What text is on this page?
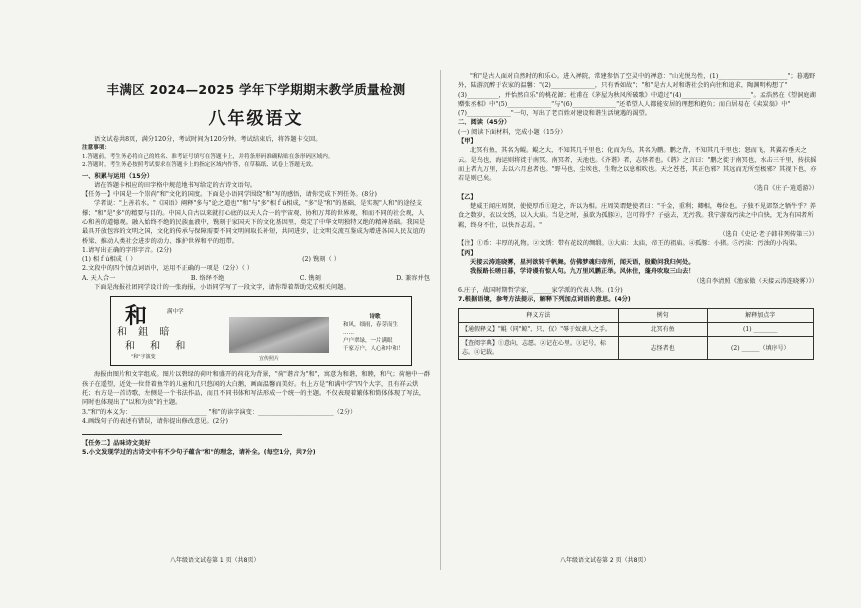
丰满区 2024—2025 学年下学期期末教学质量检测
八年级语文

语文试卷共8页，满分120分，考试时间为120分钟。考试结束后，将答题卡交回。

注意事项：

1.答题前，考生务必将自己的姓名、准考证号填写在答题卡上，并将条形码准确粘贴在条形码区域内。

2.答题时，考生务必按照考试要求在答题卡上的指定区域内作答，在草稿纸、试卷上答题无效。

一、积累与运用（15分）

请在答题卡相应的田字格中规范地书写给定的古诗文语句。

【任务一】中国是一个崇尚"和"文化的国度。下面是小语同学围绕"和"写的感悟，请你完成下列任务。(8分)

学者说："上善若水。"《国语》阐释"多与"论之道也""和"与"多"相ｆú相成，"多"是"和"的基础，是实现"人和"的途径支撑；"和"是"多"的精要与目的。中国人自古以来就打心底的以天人合一的宇宙观、协和万邦的世界观、和而不同的社会观，人心和善的道德观。融入始终不绝的民族血液中，镌刻于家国天下的文化基因里，奠定了中华文明独特又绝的精神基础。我国是最具开放包容的文明之国，文化的传承与保障需要不同文明间取长补短，共同进步，让文明交流互鉴成为增进各国人民友谊的桥梁、推动人类社会进步的动力、维护世界和平的纽带。

1.请写出正确的字形字音。(2分)

(1) 相ｆú相成（ ）	(2) 镌刻（ ）

2.文段中的四个加点词语中，运用不正确的一项是（2分）（ ）

A. 天人合一	B. 络绎不绝	C. 镌刻	D. 兼容并包

下面是海报社团同学设计的一张海报，小语同学写了一段文字，请你帮着帮助完成相关问题。

和	满中学
和 鉏 暗
和 和 和
"和"字演变	宣传照片
诗歌
和风，细雨，春芽而生 ……
户户翠绿，一片满眼
千家万户，人心和中和！

海报由图片和文字组成。图片以碧绿的荷叶和盛开的荷花为背景，"荷"谐音为"和"，寓意为和谐，和睦，和气；荷塘中一群孩子在遥望，近处一位背着鱼竿的儿童和几只悠闲的大白鹅，画面温馨而美好。右上方是"和满中学"四个大字，且有祥云烘托；右方是一首诗歌，左侧是一个书法作品，而且不同书体和写法形成一个统一的主题。不仅表现着繁体和简体体现了写法，同时也体现出了"以和为贵"的主题。

3."和"的本义为：________________________ "和"的读字演变：________________________（2分）

4.画线句子的表述有错误，请你提出修改意见。(2分)

【任务二】品味诗文美好

5.小文发现学过的古诗文中有不少句子蕴含"和"的理念，请补全。(每空1分，共7分)

"和"是古人面对自然时的和乐心。进入禅院，常建参悟了空灵中的禅意："山光悦鸟性，(1)______________________"；暮遇野外，陆游沉醉于农家的温馨："(2)______________，只有香如故"；"和"是古人对和谐社会的向往和追求，陶渊明构想了"(3)__________，并怡然自乐"的桃花源；杜甫在《茅屋为秋风所破歌》中道过"(4)______________________"。孟浩然在《望洞庭湖赠张丞相》中"(5)______________"与"(6)______________"还希望人人都能安居的理想和抱负；而白居易在《卖炭翁》中"(7)______________"一句，写出了老百姓对建设和谐生活境遇的渴望。

二、阅读（45分）

(一) 阅读下面材料，完成小题（15分）

【甲】

北冥有鱼，其名为鲲。鲲之大，不知其几千里也；化而为鸟，其名为鹏。鹏之背，不知其几千里也；怒而飞，其翼若垂天之云。是鸟也，海运则将徙于南冥。南冥者，天池也。《齐谐》者，志怪者也。《谐》之言曰："鹏之徙于南冥也，水击三千里，抟扶摇而上者九万里，去以六月息者也。"野马也，尘埃也，生物之以息相吹也。天之苍苍，其正色邪？其远而无所至极邪？其视下也，亦若是则已矣。

（选自《庄子·逍遥游》）

【乙】

楚威王闻庄周贤，使使厚币①迎之，许以为相。庄周笑谓楚使者曰："千金，重利；卿相，尊位也。子独不见郊祭之牺牛乎？养食之数岁，衣以文绣，以入大庙。当是之时，虽欲为孤豚②，岂可得乎？子亟去，无污我。我宁游戏污渎之中自快，无为有国者所羁，终身不仕，以快吾志焉。"

（选自《史记·老子韩非列传第三》）

【注】①币：丰厚的礼物。②文绣：带有花纹的绸缎。③大庙：太庙，帝王的祖庙。④孤豚：小猪。⑤污渎：污浊的小沟渠。

【丙】

天接云涛连晓雾，星河欲转千帆舞。仿佛梦魂归帝所，闻天语，殷勤问我归何处。

我报路长嗟日暮，学诗谩有惊人句。九万里风鹏正举。风休住，蓬舟吹取三山去！

（选自李清照《渔家傲（天接云涛连晓雾）》）

6.庄子，战国时期哲学家，______家学派的代表人物。(1分)

7.根据语境，参考方法提示，解释下列加点词语的意思。(4分)

释义方法	例句	解释加点字
【通假释义】"鲲（同"鲸"、只、仅）"辱于奴隶人之手。	北冥有鱼	(1) ________
【查阅字典】①意向，志愿。②记在心里。③记号，标志。④记载。	志怪者也	(2) ______（填序号）
八年级语文试卷第 1 页（共8页）	八年级语文试卷第 2 页（共8页）
